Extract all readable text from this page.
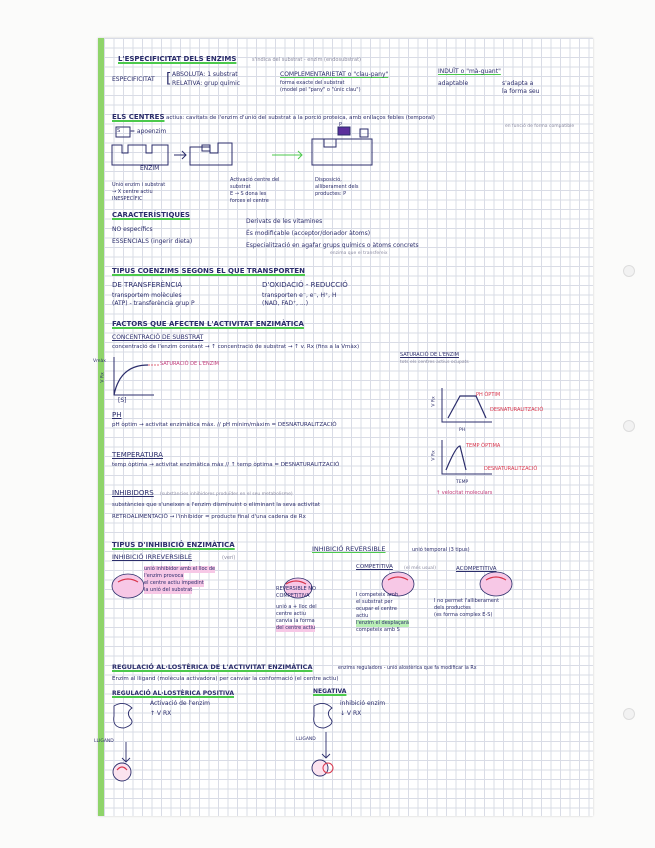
L'ESPECIFICITAT DELS ENZIMS	s'indica del substrat - enzim (endosubstrat)
ESPECIFICITAT [ ABSOLUTA: 1 substrat
RELATIVA: grup químic
COMPLEMENTARIETAT o "clau-pany"
forma exacte del substrat
(model pel "pany" o "únic clau")
INDUÏT o "mà-guant"
adaptable	s'adapta a
la forma seu
ELS CENTRES actius: cavitats de l'enzim d'unió del substrat a la porció proteica, amb enllaços febles (temporal)
en funció de forma compatible
S = apoenzim
ENZIM
P
Unió enzim i substrat
→ X centre actiu
INESPECÍFIC
Activació centre del
substrat
E → S dona les
forces el centre
Disposició,
alliberament dels
productes: P
CARACTERÍSTIQUES
NO específics
ESSENCIALS (ingerir dieta)
Derivats de les vitamines
És modificable (acceptor/donador àtoms)
Especialització en agafar grups químics o àtoms concrets
enzima que el transfereix
TIPUS COENZIMS SEGONS EL QUE TRANSPORTEN
DE TRANSFERÈNCIA
transportem molècules
(ATP) - transferència grup P
D'OXIDACIÓ - REDUCCIÓ
transporten e⁻, e⁻, H⁺, H
(NAD, FAD⁺, ...)
FACTORS QUE AFECTEN L'ACTIVITAT ENZIMÀTICA
CONCENTRACIÓ DE SUBSTRAT
concentració de l'enzim constant → ↑ concentració de substrat → ↑ v. Rx (fins a la Vmàx)
SATURACIÓ DE L'ENZIM
tots els centres actius ocupats
SATURACIÓ DE L'ENZIM
Vmàx
V Rx
[S]
PH
pH òptim → activitat enzimàtica màx. // pH mínim/màxim = DESNATURALITZACIÓ
PH ÒPTIM
DESNATURALITZACIÓ
PH
V Rx
TEMPERATURA
temp òptima → activitat enzimàtica màx // ↑ temp òptima = DESNATURALITZACIÓ
TEMP ÒPTIMA
DESNATURALITZACIÓ
TEMP
V Rx
↑ velocitat moleculars
INHIBIDORS (substàncies inhibidores produïdes en el seu metabolisme)
substàncies que s'uneixen a l'enzim disminuint o eliminant la seva activitat
RETROALIMENTACIÓ → l'inhibidor = producte final d'una cadena de Rx
TIPUS D'INHIBICIÓ ENZIMÀTICA
INHIBICIÓ IRREVERSIBLE	(verí)
INHIBICIÓ REVERSIBLE	unió temporal (3 tipus)
unió inhibidor amb el lloc de
l'enzim provoca
el centre actiu impedint
la unió del substrat	REVERSIBLE NO COMPETITIVA
unió a + lloc del
centre actiu
canvia la forma
del centre actiu
COMPETITIVA (el més usual)
I competeix amb
el substrat per
ocupar el centre
actiu
l'enzim el desplaçarà
competeix amb S
ACOMPETITIVA
I no permet l'alliberament
dels productes
(es forma complex E-S)
REGULACIÓ AL·LOSTÈRICA DE L'ACTIVITAT ENZIMÀTICA	enzims reguladors - unió alostèrica que fa modificar la Rx
Enzim al lligand (molècula activadora) per canviar la conformació (el centre actiu)
REGULACIÓ AL·LOSTÈRICA POSITIVA
Activació de l'enzim
↑ V RX
NEGATIVA
inhibició enzim
↓ V RX
LLIGAND	LLIGAND
